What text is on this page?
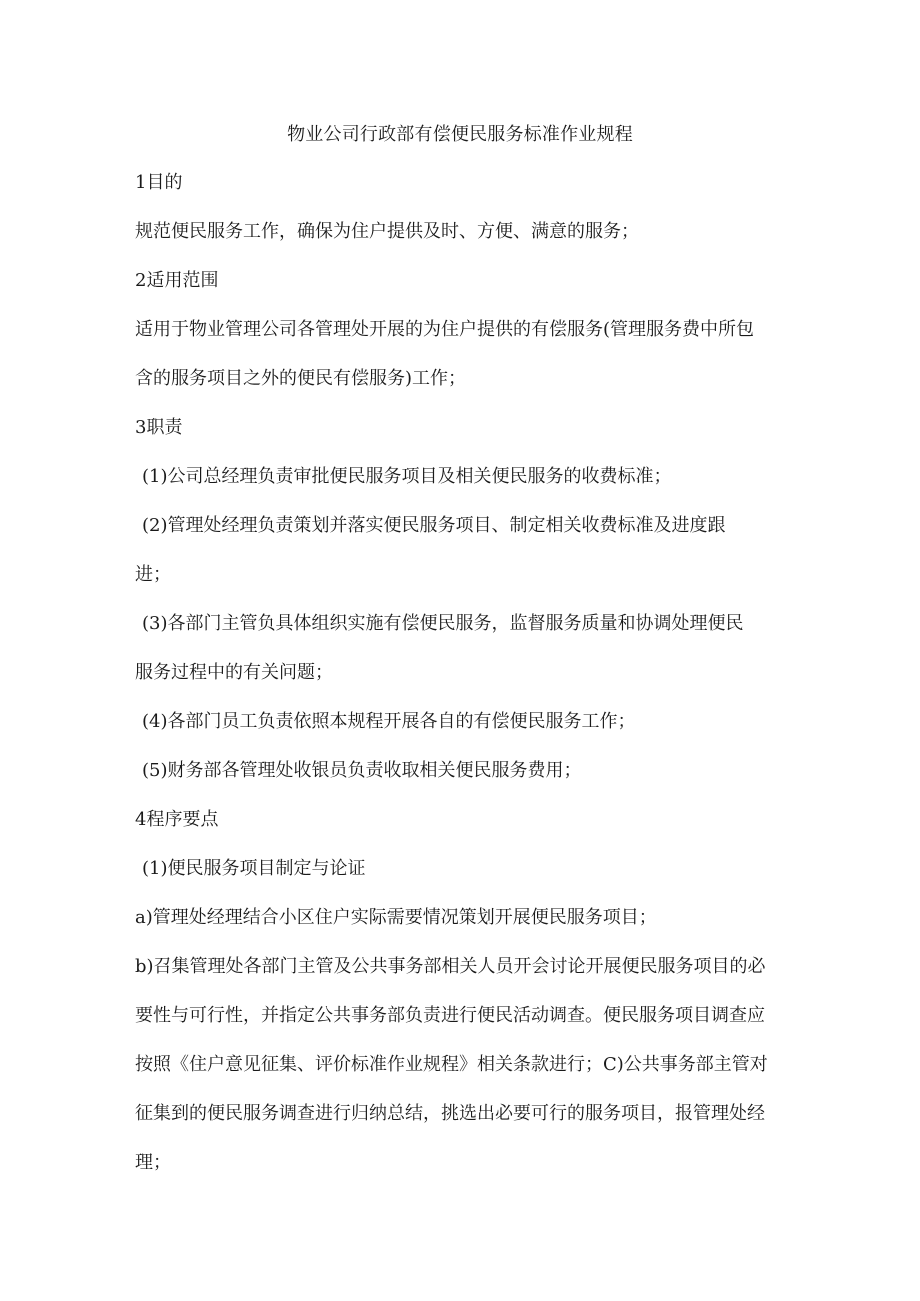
物业公司行政部有偿便民服务标准作业规程
1目的
规范便民服务工作，确保为住户提供及时、方便、满意的服务；
2适用范围
适用于物业管理公司各管理处开展的为住户提供的有偿服务(管理服务费中所包
含的服务项目之外的便民有偿服务)工作；
3职责
(1)公司总经理负责审批便民服务项目及相关便民服务的收费标准；
(2)管理处经理负责策划并落实便民服务项目、制定相关收费标准及进度跟
进；
(3)各部门主管负具体组织实施有偿便民服务，监督服务质量和协调处理便民
服务过程中的有关问题；
(4)各部门员工负责依照本规程开展各自的有偿便民服务工作；
(5)财务部各管理处收银员负责收取相关便民服务费用；
4程序要点
(1)便民服务项目制定与论证
a)管理处经理结合小区住户实际需要情况策划开展便民服务项目；
b)召集管理处各部门主管及公共事务部相关人员开会讨论开展便民服务项目的必
要性与可行性，并指定公共事务部负责进行便民活动调查。便民服务项目调查应
按照《住户意见征集、评价标准作业规程》相关条款进行；C)公共事务部主管对
征集到的便民服务调查进行归纳总结，挑选出必要可行的服务项目，报管理处经
理；
